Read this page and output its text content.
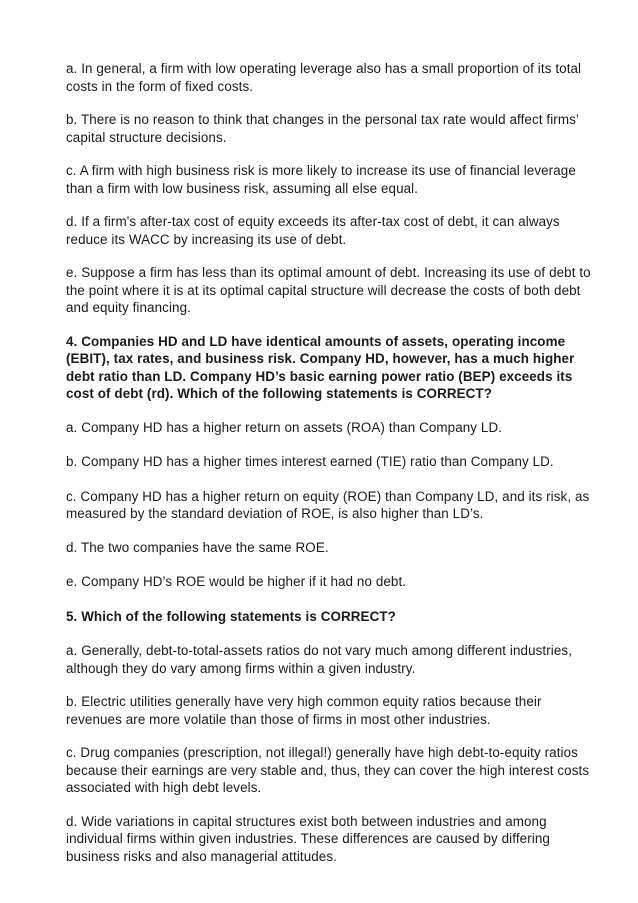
a. In general, a firm with low operating leverage also has a small proportion of its total costs in the form of fixed costs.

b. There is no reason to think that changes in the personal tax rate would affect firms’ capital structure decisions.

c. A firm with high business risk is more likely to increase its use of financial leverage than a firm with low business risk, assuming all else equal.

d. If a firm's after-tax cost of equity exceeds its after-tax cost of debt, it can always reduce its WACC by increasing its use of debt.

e. Suppose a firm has less than its optimal amount of debt. Increasing its use of debt to the point where it is at its optimal capital structure will decrease the costs of both debt and equity financing.

4. Companies HD and LD have identical amounts of assets, operating income (EBIT), tax rates, and business risk. Company HD, however, has a much higher debt ratio than LD. Company HD’s basic earning power ratio (BEP) exceeds its cost of debt (rd). Which of the following statements is CORRECT?

a. Company HD has a higher return on assets (ROA) than Company LD.

b. Company HD has a higher times interest earned (TIE) ratio than Company LD.

c. Company HD has a higher return on equity (ROE) than Company LD, and its risk, as measured by the standard deviation of ROE, is also higher than LD’s.

d. The two companies have the same ROE.

e. Company HD’s ROE would be higher if it had no debt.

5. Which of the following statements is CORRECT?

a. Generally, debt-to-total-assets ratios do not vary much among different industries, although they do vary among firms within a given industry.

b. Electric utilities generally have very high common equity ratios because their revenues are more volatile than those of firms in most other industries.

c. Drug companies (prescription, not illegal!) generally have high debt-to-equity ratios because their earnings are very stable and, thus, they can cover the high interest costs associated with high debt levels.

d. Wide variations in capital structures exist both between industries and among individual firms within given industries. These differences are caused by differing business risks and also managerial attitudes.
